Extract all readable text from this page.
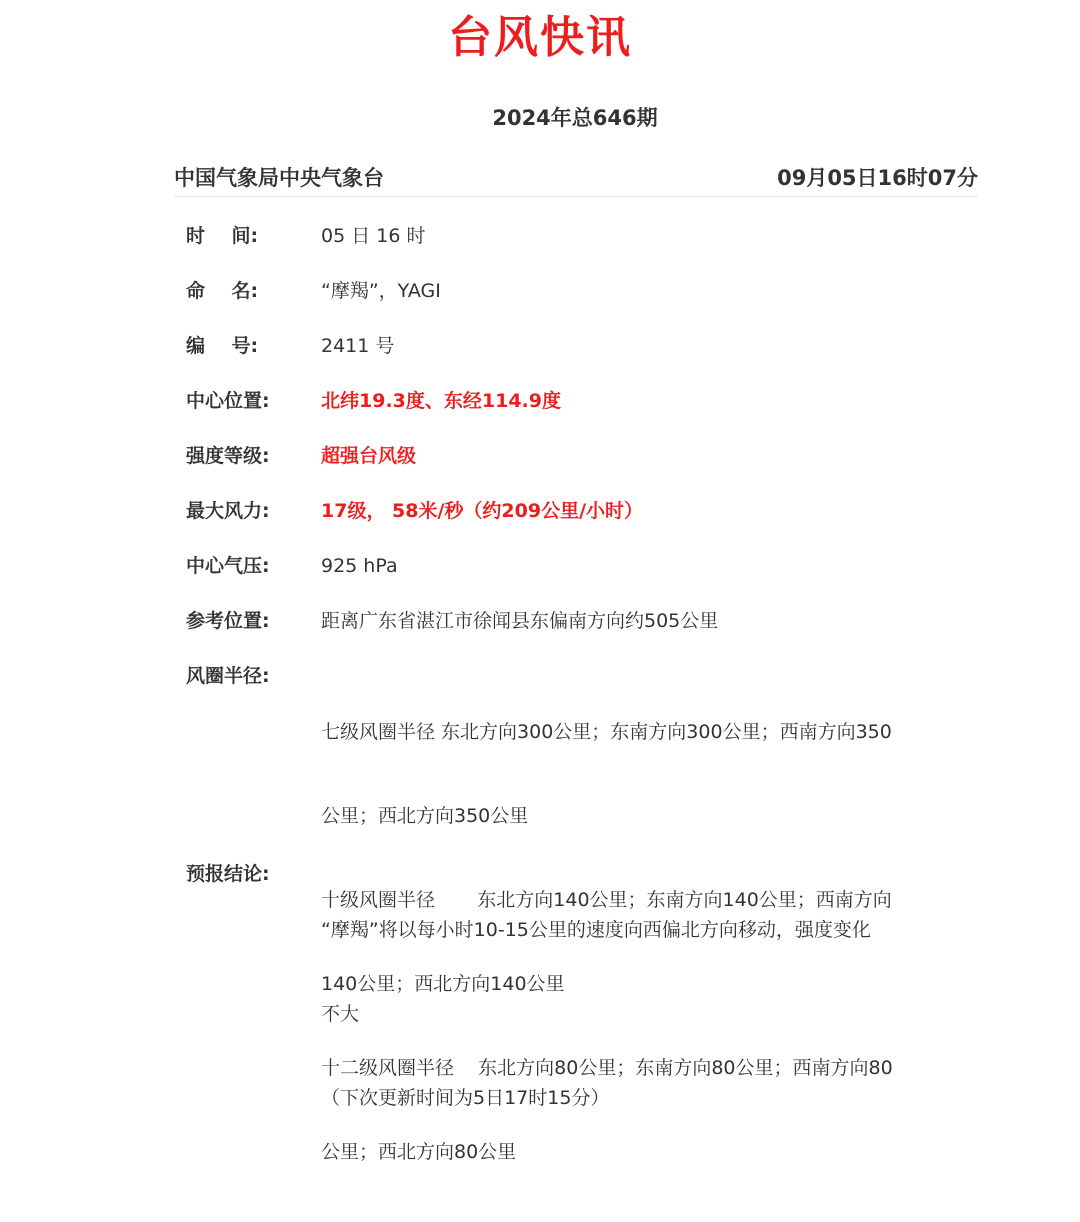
台风快讯
2024年总646期
中国气象局中央气象台	09月05日16时07分
时    间:	05 日 16 时
命    名:	“摩羯”，YAGI
编    号:	2411 号
中心位置:	北纬19.3度、东经114.9度
强度等级:	超强台风级
最大风力:	17级， 58米/秒（约209公里/小时）
中心气压:	925 hPa
参考位置:	距离广东省湛江市徐闻县东偏南方向约505公里
风圈半径:

七级风圈半径 东北方向300公里；东南方向300公里；西南方向350

公里；西北方向350公里

十级风圈半径       东北方向140公里；东南方向140公里；西南方向

140公里；西北方向140公里

十二级风圈半径    东北方向80公里；东南方向80公里；西南方向80

公里；西北方向80公里

预报结论:

“摩羯”将以每小时10-15公里的速度向西偏北方向移动，强度变化

不大

（下次更新时间为5日17时15分）
